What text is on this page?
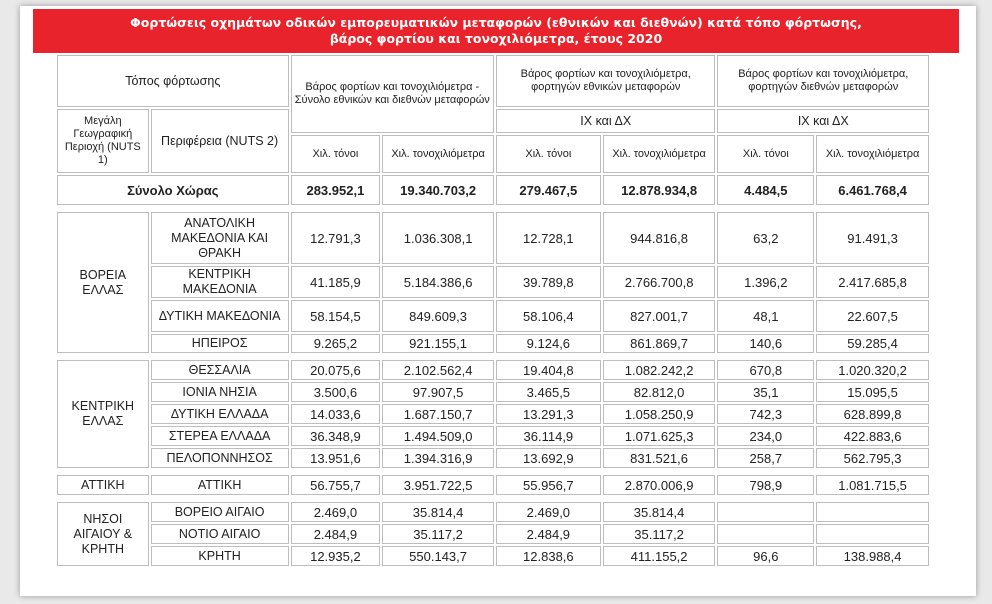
Φορτώσεις οχημάτων οδικών εμπορευματικών μεταφορών (εθνικών και διεθνών) κατά τόπο φόρτωσης,
βάρος φορτίου και τονοχιλιόμετρα, έτους 2020
Τόπος φόρτωσης		Βάρος φορτίων και τονοχιλιόμετρα - Σύνολο εθνικών και διεθνών μεταφορών		Βάρος φορτίων και τονοχιλιόμετρα, φορτηγών εθνικών μεταφορών		Βάρος φορτίων και τονοχιλιόμετρα, φορτηγών διεθνών μεταφορών	
Μεγάλη Γεωγραφική Περιοχή (NUTS 1)	Περιφέρεια (NUTS 2)			ΙΧ και ΔΧ		ΙΧ και ΔΧ	
		Χιλ. τόνοι	Χιλ. τονοχιλιόμετρα	Χιλ. τόνοι	Χιλ. τονοχιλιόμετρα	Χιλ. τόνοι	Χιλ. τονοχιλιόμετρα
Σύνολο Χώρας		283.952,1	19.340.703,2	279.467,5	12.878.934,8	4.484,5	6.461.768,4

ΒΟΡΕΙΑ ΕΛΛΑΣ	ΑΝΑΤΟΛΙΚΗ ΜΑΚΕΔΟΝΙΑ ΚΑΙ ΘΡΑΚΗ	12.791,3	1.036.308,1	12.728,1	944.816,8	63,2	91.491,3
	ΚΕΝΤΡΙΚΗ ΜΑΚΕΔΟΝΙΑ	41.185,9	5.184.386,6	39.789,8	2.766.700,8	1.396,2	2.417.685,8
	ΔΥΤΙΚΗ ΜΑΚΕΔΟΝΙΑ	58.154,5	849.609,3	58.106,4	827.001,7	48,1	22.607,5
	ΗΠΕΙΡΟΣ	9.265,2	921.155,1	9.124,6	861.869,7	140,6	59.285,4

ΚΕΝΤΡΙΚΗ ΕΛΛΑΣ	ΘΕΣΣΑΛΙΑ	20.075,6	2.102.562,4	19.404,8	1.082.242,2	670,8	1.020.320,2
	ΙΟΝΙΑ ΝΗΣΙΑ	3.500,6	97.907,5	3.465,5	82.812,0	35,1	15.095,5
	ΔΥΤΙΚΗ ΕΛΛΑΔΑ	14.033,6	1.687.150,7	13.291,3	1.058.250,9	742,3	628.899,8
	ΣΤΕΡΕΑ ΕΛΛΑΔΑ	36.348,9	1.494.509,0	36.114,9	1.071.625,3	234,0	422.883,6
	ΠΕΛΟΠΟΝΝΗΣΟΣ	13.951,6	1.394.316,9	13.692,9	831.521,6	258,7	562.795,3

ΑΤΤΙΚΗ	ΑΤΤΙΚΗ	56.755,7	3.951.722,5	55.956,7	2.870.006,9	798,9	1.081.715,5

ΝΗΣΟΙ ΑΙΓΑΙΟΥ & ΚΡΗΤΗ	ΒΟΡΕΙΟ ΑΙΓΑΙΟ	2.469,0	35.814,4	2.469,0	35.814,4		
	ΝΟΤΙΟ ΑΙΓΑΙΟ	2.484,9	35.117,2	2.484,9	35.117,2		
	ΚΡΗΤΗ	12.935,2	550.143,7	12.838,6	411.155,2	96,6	138.988,4
